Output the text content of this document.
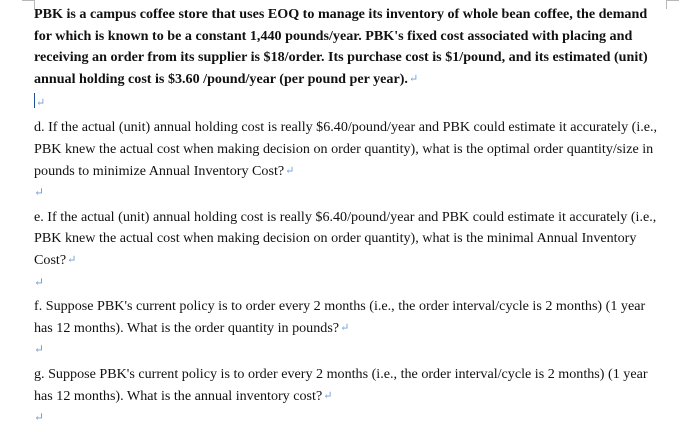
PBK is a campus coffee store that uses EOQ to manage its inventory of whole bean coffee, the demand for which is known to be a constant 1,440 pounds/year. PBK's fixed cost associated with placing and receiving an order from its supplier is $18/order. Its purchase cost is $1/pound, and its estimated (unit) annual holding cost is $3.60 /pound/year (per pound per year).↵

↵

d. If the actual (unit) annual holding cost is really $6.40/pound/year and PBK could estimate it accurately (i.e., PBK knew the actual cost when making decision on order quantity), what is the optimal order quantity/size in pounds to minimize Annual Inventory Cost?↵

↵

e. If the actual (unit) annual holding cost is really $6.40/pound/year and PBK could estimate it accurately (i.e., PBK knew the actual cost when making decision on order quantity), what is the minimal Annual Inventory Cost?↵

↵

f. Suppose PBK's current policy is to order every 2 months (i.e., the order interval/cycle is 2 months) (1 year has 12 months). What is the order quantity in pounds?↵

↵

g. Suppose PBK's current policy is to order every 2 months (i.e., the order interval/cycle is 2 months) (1 year has 12 months). What is the annual inventory cost?↵

↵
